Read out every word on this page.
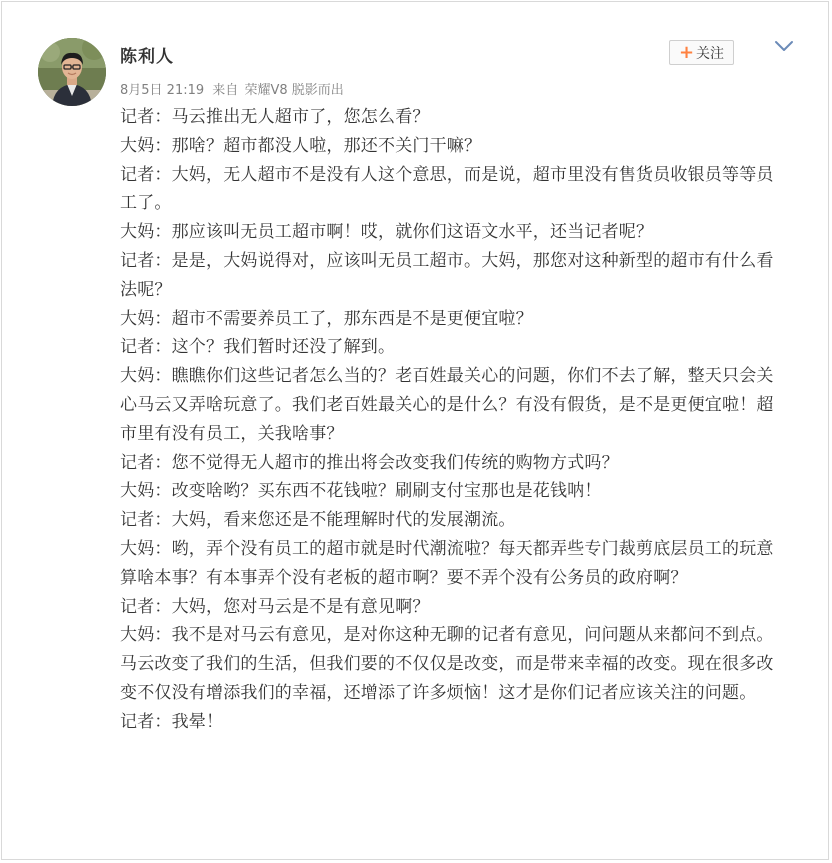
陈利人
8月5日 21:19 来自 荣耀V8 脱影而出
+ 关注

记者：马云推出无人超市了，您怎么看？

大妈：那啥？超市都没人啦，那还不关门干嘛？

记者：大妈，无人超市不是没有人这个意思，而是说，超市里没有售货员收银员等等员工了。

大妈：那应该叫无员工超市啊！哎，就你们这语文水平，还当记者呢？

记者：是是，大妈说得对，应该叫无员工超市。大妈，那您对这种新型的超市有什么看法呢？

大妈：超市不需要养员工了，那东西是不是更便宜啦？

记者：这个？我们暂时还没了解到。

大妈：瞧瞧你们这些记者怎么当的？老百姓最关心的问题，你们不去了解，整天只会关心马云又弄啥玩意了。我们老百姓最关心的是什么？有没有假货，是不是更便宜啦！超市里有没有员工，关我啥事？

记者：您不觉得无人超市的推出将会改变我们传统的购物方式吗？

大妈：改变啥哟？买东西不花钱啦？刷刷支付宝那也是花钱呐！

记者：大妈，看来您还是不能理解时代的发展潮流。

大妈：哟，弄个没有员工的超市就是时代潮流啦？每天都弄些专门裁剪底层员工的玩意算啥本事？有本事弄个没有老板的超市啊？要不弄个没有公务员的政府啊？

记者：大妈，您对马云是不是有意见啊？

大妈：我不是对马云有意见，是对你这种无聊的记者有意见，问问题从来都问不到点。马云改变了我们的生活，但我们要的不仅仅是改变，而是带来幸福的改变。现在很多改变不仅没有增添我们的幸福，还增添了许多烦恼！这才是你们记者应该关注的问题。

记者：我晕！
